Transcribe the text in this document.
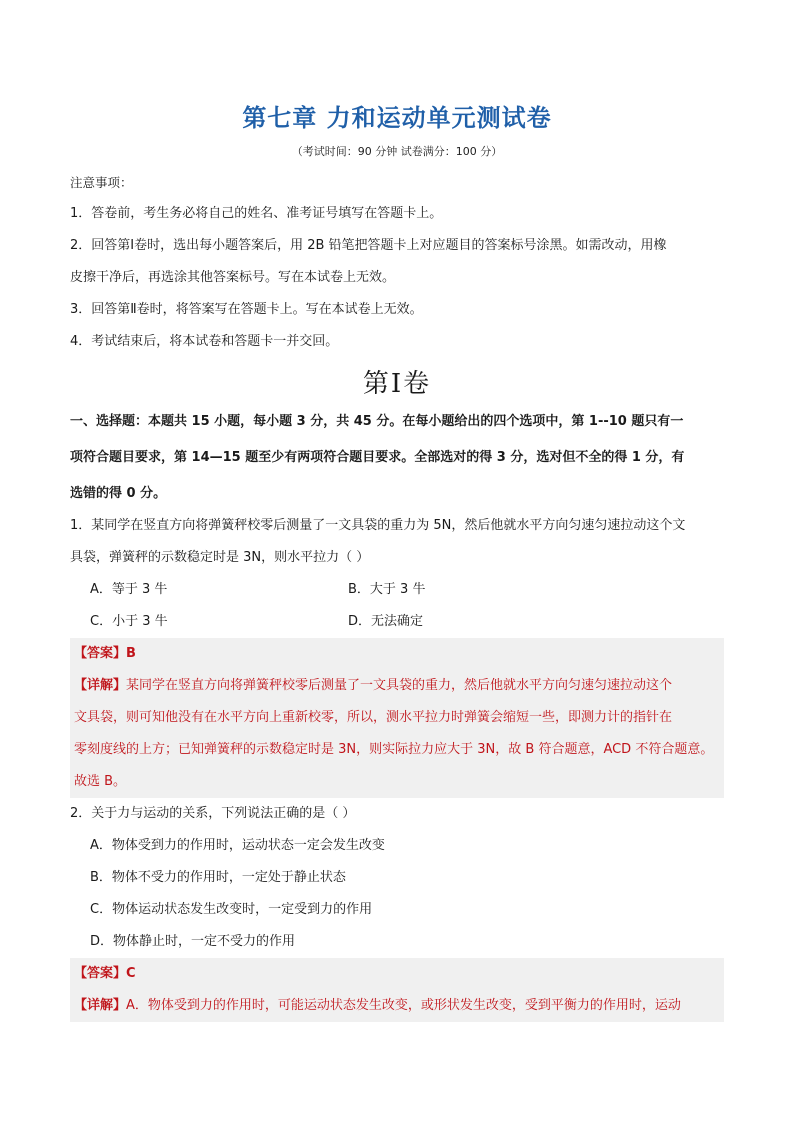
第七章 力和运动单元测试卷
（考试时间：90 分钟 试卷满分：100 分）
注意事项：
1．答卷前，考生务必将自己的姓名、准考证号填写在答题卡上。
2．回答第Ⅰ卷时，选出每小题答案后，用 2B 铅笔把答题卡上对应题目的答案标号涂黑。如需改动，用橡
皮擦干净后，再选涂其他答案标号。写在本试卷上无效。
3．回答第Ⅱ卷时，将答案写在答题卡上。写在本试卷上无效。
4．考试结束后，将本试卷和答题卡一并交回。
第Ⅰ卷
一、选择题：本题共 15 小题，每小题 3 分，共 45 分。在每小题给出的四个选项中，第 1--10 题只有一
项符合题目要求，第 14—15 题至少有两项符合题目要求。全部选对的得 3 分，选对但不全的得 1 分，有
选错的得 0 分。
1．某同学在竖直方向将弹簧秤校零后测量了一文具袋的重力为 5N，然后他就水平方向匀速匀速拉动这个文
具袋，弹簧秤的示数稳定时是 3N，则水平拉力（ ）
A．等于 3 牛	B．大于 3 牛
C．小于 3 牛	D．无法确定
【答案】B
【详解】某同学在竖直方向将弹簧秤校零后测量了一文具袋的重力，然后他就水平方向匀速匀速拉动这个
文具袋，则可知他没有在水平方向上重新校零，所以，测水平拉力时弹簧会缩短一些，即测力计的指针在
零刻度线的上方；已知弹簧秤的示数稳定时是 3N，则实际拉力应大于 3N，故 B 符合题意，ACD 不符合题意。
故选 B。
2．关于力与运动的关系，下列说法正确的是（ ）
A．物体受到力的作用时，运动状态一定会发生改变
B．物体不受力的作用时，一定处于静止状态
C．物体运动状态发生改变时，一定受到力的作用
D．物体静止时，一定不受力的作用
【答案】C
【详解】A．物体受到力的作用时，可能运动状态发生改变，或形状发生改变，受到平衡力的作用时，运动
